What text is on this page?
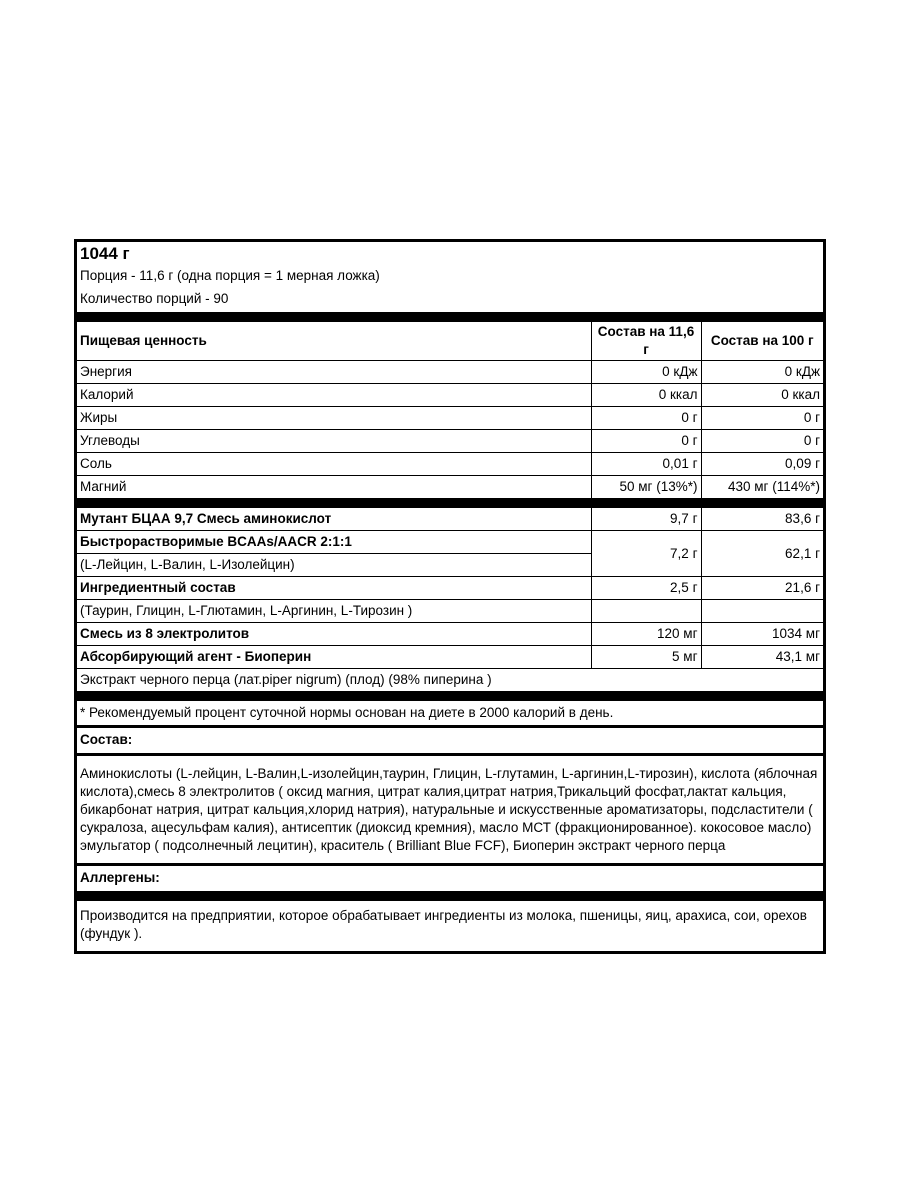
1044 г
Порция - 11,6 г (одна порция = 1 мерная ложка)
Количество порций - 90
Пищевая ценность	Состав на 11,6 г	Состав на 100 г
Энергия	0 кДж	0 кДж
Калорий	0 ккал	0 ккал
Жиры	0 г	0 г
Углеводы	0 г	0 г
Соль	0,01 г	0,09 г
Магний	50 мг (13%*)	430 мг (114%*)
Мутант БЦАА 9,7 Смесь аминокислот	9,7 г	83,6 г
Быстрорастворимые BCAAs/AACR 2:1:1	7,2 г	62,1 г
(L-Лейцин, L-Валин, L-Изолейцин)		
Ингредиентный состав	2,5 г	21,6 г
(Таурин, Глицин, L-Глютамин, L-Аргинин, L-Тирозин )		
Смесь из 8 электролитов	120 мг	1034 мг
Абсорбирующий агент - Биоперин	5 мг	43,1 мг
Экстракт черного перца (лат.piper nigrum) (плод) (98% пиперина )		
* Рекомендуемый процент суточной нормы основан на диете в 2000 калорий в день.
Состав:
Аминокислоты (L-лейцин, L-Валин,L-изолейцин,таурин, Глицин, L-глутамин, L-аргинин,L-тирозин), кислота (яблочная кислота),смесь 8 электролитов ( оксид магния, цитрат калия,цитрат натрия,Трикальций фосфат,лактат кальция, бикарбонат натрия, цитрат кальция,хлорид натрия), натуральные и искусственные ароматизаторы, подсластители ( сукралоза, ацесульфам калия), антисептик (диоксид кремния), масло МСТ (фракционированное). кокосовое масло) эмульгатор ( подсолнечный лецитин), краситель ( Brilliant Blue FCF), Биоперин экстракт черного перца
Аллергены:
Производится на предприятии, которое обрабатывает ингредиенты из молока, пшеницы, яиц, арахиса, сои, орехов (фундук ).
